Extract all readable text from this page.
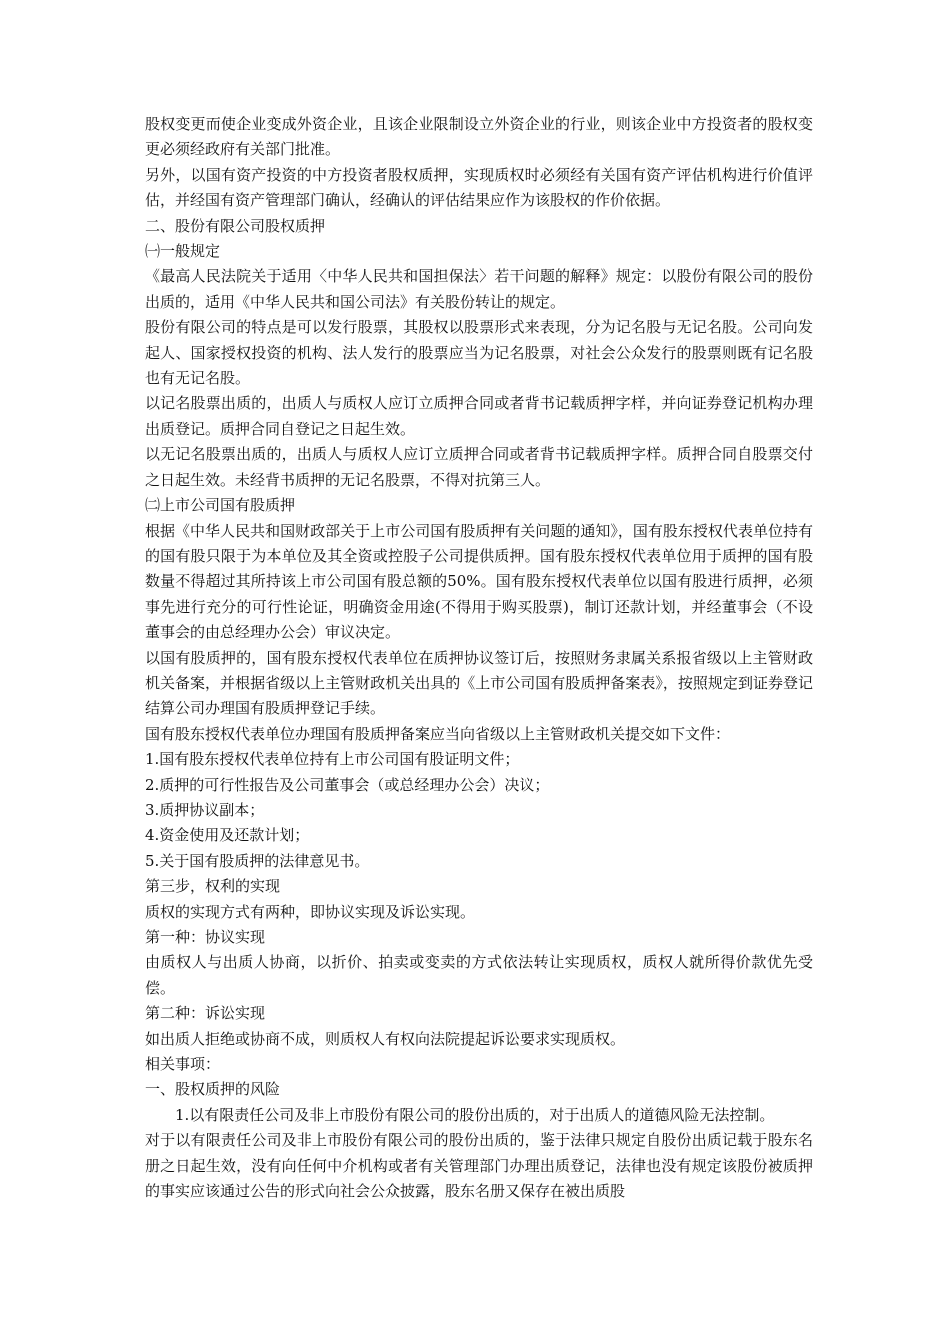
股权变更而使企业变成外资企业，且该企业限制设立外资企业的行业，则该企业中方投资者的股权变更必须经政府有关部门批准。

另外，以国有资产投资的中方投资者股权质押，实现质权时必须经有关国有资产评估机构进行价值评估，并经国有资产管理部门确认，经确认的评估结果应作为该股权的作价依据。

二、股份有限公司股权质押

㈠一般规定

《最高人民法院关于适用〈中华人民共和国担保法〉若干问题的解释》规定：以股份有限公司的股份出质的，适用《中华人民共和国公司法》有关股份转让的规定。

股份有限公司的特点是可以发行股票，其股权以股票形式来表现，分为记名股与无记名股。公司向发起人、国家授权投资的机构、法人发行的股票应当为记名股票，对社会公众发行的股票则既有记名股也有无记名股。

以记名股票出质的，出质人与质权人应订立质押合同或者背书记载质押字样，并向证券登记机构办理出质登记。质押合同自登记之日起生效。

以无记名股票出质的，出质人与质权人应订立质押合同或者背书记载质押字样。质押合同自股票交付之日起生效。未经背书质押的无记名股票，不得对抗第三人。

㈡上市公司国有股质押

根据《中华人民共和国财政部关于上市公司国有股质押有关问题的通知》，国有股东授权代表单位持有的国有股只限于为本单位及其全资或控股子公司提供质押。国有股东授权代表单位用于质押的国有股数量不得超过其所持该上市公司国有股总额的50%。国有股东授权代表单位以国有股进行质押，必须事先进行充分的可行性论证，明确资金用途(不得用于购买股票)，制订还款计划，并经董事会（不设董事会的由总经理办公会）审议决定。

以国有股质押的，国有股东授权代表单位在质押协议签订后，按照财务隶属关系报省级以上主管财政机关备案，并根据省级以上主管财政机关出具的《上市公司国有股质押备案表》，按照规定到证券登记结算公司办理国有股质押登记手续。

国有股东授权代表单位办理国有股质押备案应当向省级以上主管财政机关提交如下文件：

1.国有股东授权代表单位持有上市公司国有股证明文件；

2.质押的可行性报告及公司董事会（或总经理办公会）决议；

3.质押协议副本；

4.资金使用及还款计划；

5.关于国有股质押的法律意见书。

第三步，权利的实现

质权的实现方式有两种，即协议实现及诉讼实现。

第一种：协议实现

由质权人与出质人协商，以折价、拍卖或变卖的方式依法转让实现质权，质权人就所得价款优先受偿。

第二种：诉讼实现

如出质人拒绝或协商不成，则质权人有权向法院提起诉讼要求实现质权。

相关事项：

一、股权质押的风险

1.以有限责任公司及非上市股份有限公司的股份出质的，对于出质人的道德风险无法控制。

对于以有限责任公司及非上市股份有限公司的股份出质的，鉴于法律只规定自股份出质记载于股东名册之日起生效，没有向任何中介机构或者有关管理部门办理出质登记，法律也没有规定该股份被质押的事实应该通过公告的形式向社会公众披露，股东名册又保存在被出质股
